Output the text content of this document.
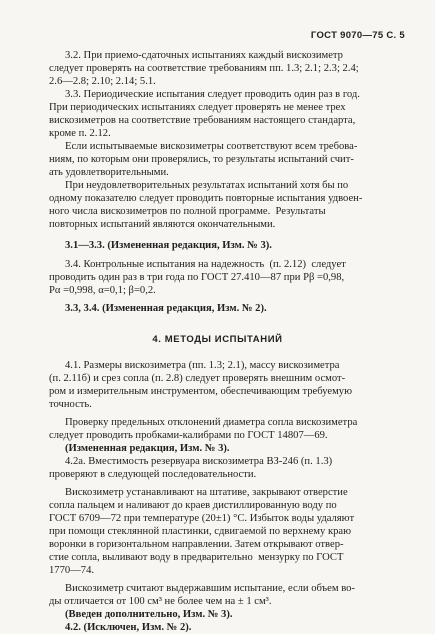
ГОСТ 9070—75 С. 5
3.2. При приемо-сдаточных испытаниях каждый вискозиметр
следует проверять на соответствие требованиям пп. 1.3; 2.1; 2.3; 2.4;
2.6—2.8; 2.10; 2.14; 5.1.
3.3. Периодические испытания следует проводить один раз в год.
При периодических испытаниях следует проверять не менее трех
вискозиметров на соответствие требованиям настоящего стандарта,
кроме п. 2.12.
Если испытываемые вискозиметры соответствуют всем требова-
ниям, по которым они проверялись, то результаты испытаний счит-
ать удовлетворительными.
При неудовлетворительных результатах испытаний хотя бы по
одному показателю следует проводить повторные испытания удвоен-
ного числа вискозиметров по полной программе.  Результаты
повторных испытаний являются окончательными.
3.1—3.3. (Измененная редакция, Изм. № 3).
3.4. Контрольные испытания на надежность  (п. 2.12)  следует
проводить один раз в три года по ГОСТ 27.410—87 при Pβ =0,98,
Pα =0,998, α=0,1; β=0,2.
3.3, 3.4. (Измененная редакция, Изм. № 2).
4. МЕТОДЫ ИСПЫТАНИЙ
4.1. Размеры вискозиметра (пп. 1.3; 2.1), массу вискозиметра
(п. 2.11б) и срез сопла (п. 2.8) следует проверять внешним осмот-
ром и измерительным инструментом, обеспечивающим требуемую
точность.
Проверку предельных отклонений диаметра сопла вискозиметра
следует проводить пробками-калибрами по ГОСТ 14807—69.
(Измененная редакция, Изм. № 3).
4.2а. Вместимость резервуара вискозиметра ВЗ-246 (п. 1.3)
проверяют в следующей последовательности.
Вискозиметр устанавливают на штативе, закрывают отверстие
сопла пальцем и наливают до краев дистиллированную воду по
ГОСТ 6709—72 при температуре (20±1) °С. Избыток воды удаляют
при помощи стеклянной пластинки, сдвигаемой по верхнему краю
воронки в горизонтальном направлении. Затем открывают отвер-
стие сопла, выливают воду в предварительно  мензурку по ГОСТ
1770—74.
Вискозиметр считают выдержавшим испытание, если объем во-
ды отличается от 100 см³ не более чем на ± 1 см³.
(Введен дополнительно, Изм. № 3).
4.2. (Исключен, Изм. № 2).
